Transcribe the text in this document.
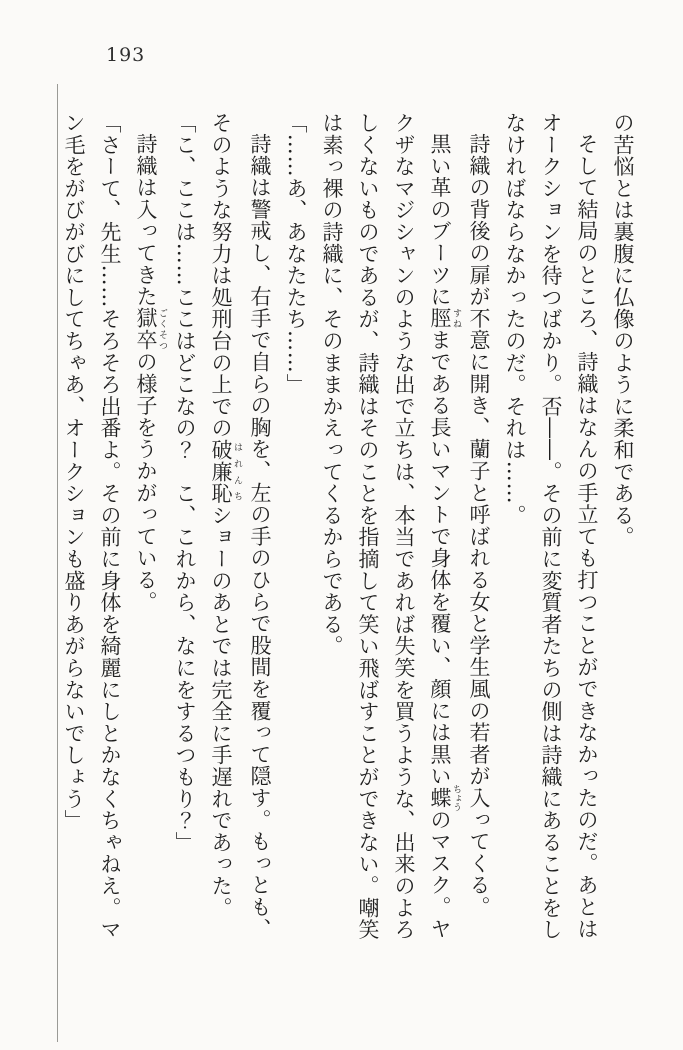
193

の苦悩とは裏腹に仏像のように柔和である。

そして結局のところ、詩織はなんの手立ても打つことができなかったのだ。あとは

オークションを待つばかり。否――。その前に変質者たちの側は詩織にあることをし

なければならなかったのだ。それは……。

詩織の背後の扉が不意に開き、蘭子と呼ばれる女と学生風の若者が入ってくる。

黒い革のブーツに脛 すねまである長いマントで身体を覆い、顔には黒い蝶 ちょうのマスク。ヤ

クザなマジシャンのような出で立ちは、本当であれば失笑を買うような、出来のよろ

しくないものであるが、詩織はそのことを指摘して笑い飛ばすことができない。嘲笑

は素っ裸の詩織に、そのままかえってくるからである。

「……あ、あなたたち……」

詩織は警戒し、右手で自らの胸を、左の手のひらで股間を覆って隠す。もっとも、

そのような努力は処刑台の上での破廉恥 はれんちショーのあとでは完全に手遅れであった。

「こ、ここは……ここはどこなの？　こ、これから、なにをするつもり？」

詩織は入ってきた獄卒 ごくそつの様子をうかがっている。

「さーて、先生……そろそろ出番よ。その前に身体を綺麗にしとかなくちゃねえ。マ

ン毛をがびがびにしてちゃあ、オークションも盛りあがらないでしょう」
